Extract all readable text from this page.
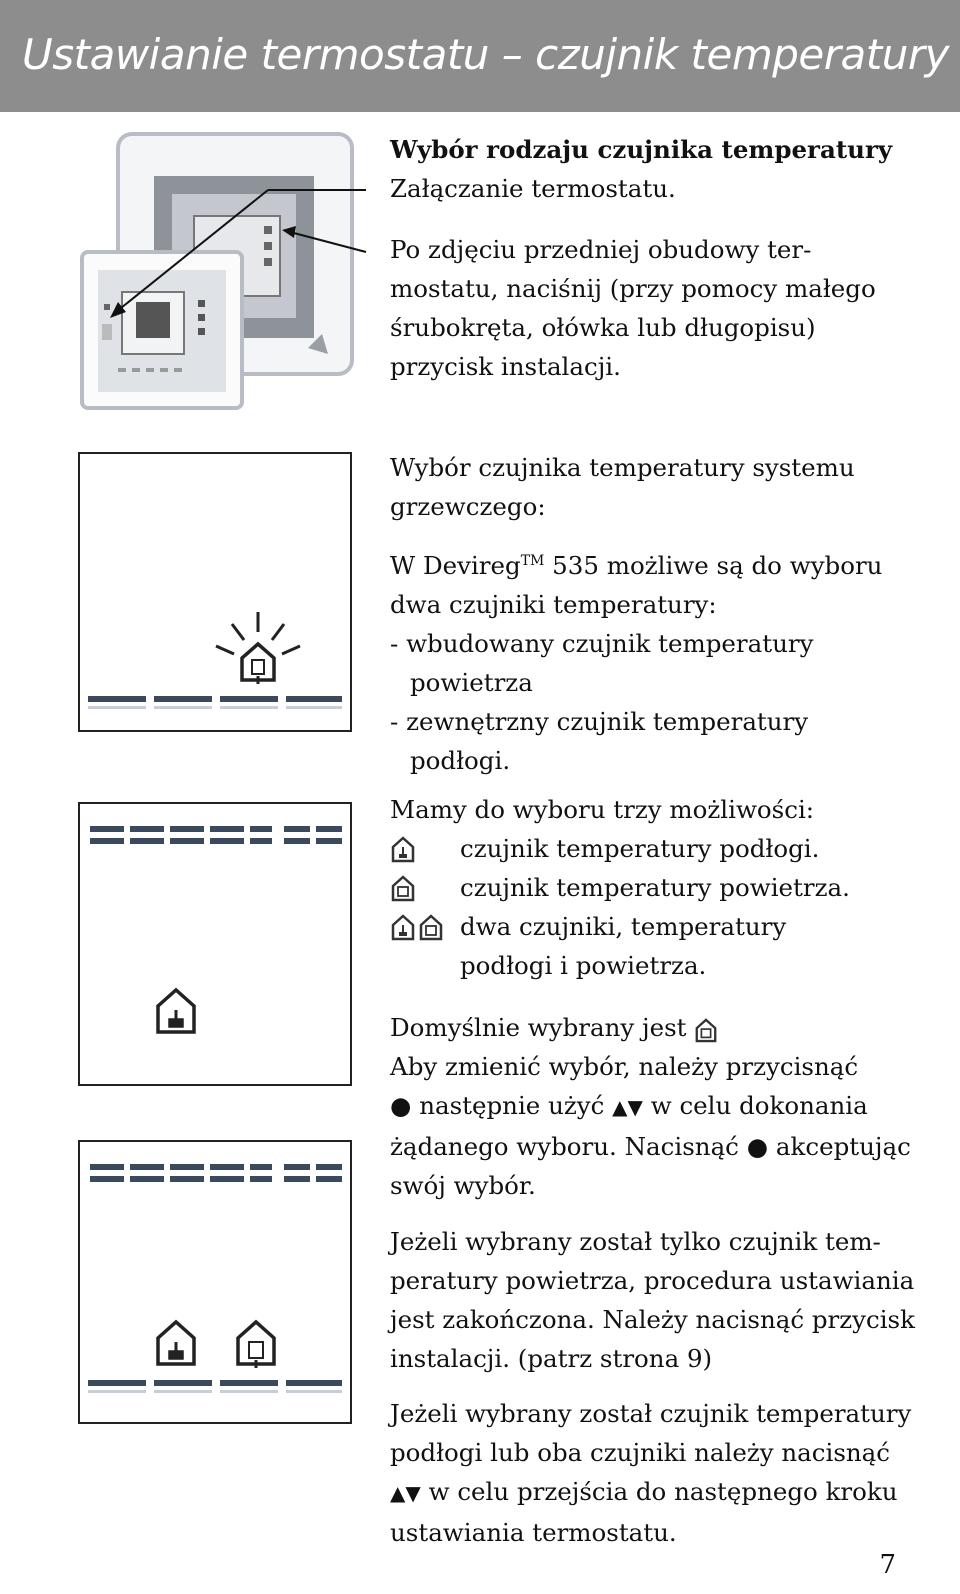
Ustawianie termostatu – czujnik temperatury

Wybór rodzaju czujnika temperatury

Załączanie termostatu.

Po zdjęciu przedniej obudowy ter-

mostatu, naciśnij (przy pomocy małego

śrubokręta, ołówka lub długopisu)

przycisk instalacji.

Wybór czujnika temperatury systemu

grzewczego:

W Devireg™ 535 możliwe są do wyboru

dwa czujniki temperatury:

- wbudowany czujnik temperatury

powietrza

- zewnętrzny czujnik temperatury

podłogi.

Mamy do wyboru trzy możliwości:

czujnik temperatury podłogi.
czujnik temperatury powietrza.
dwa czujniki, temperatury

podłogi i powietrza.

Domyślnie wybrany jest

Aby zmienić wybór, należy przycisnąć

● następnie użyć ▲▼ w celu dokonania

żądanego wyboru. Nacisnąć ● akceptując

swój wybór.

Jeżeli wybrany został tylko czujnik tem-

peratury powietrza, procedura ustawiania

jest zakończona. Należy nacisnąć przycisk

instalacji. (patrz strona 9)

Jeżeli wybrany został czujnik temperatury

podłogi lub oba czujniki należy nacisnąć

▲▼ w celu przejścia do następnego kroku

ustawiania termostatu.

7
